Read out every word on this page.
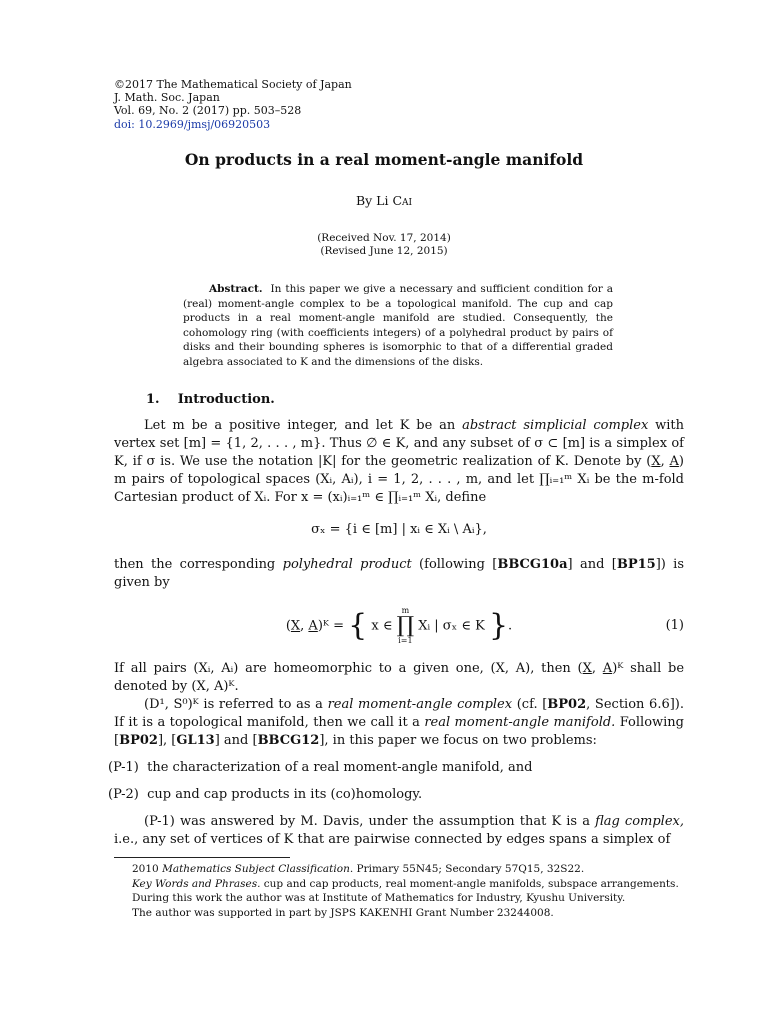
©2017 The Mathematical Society of Japan
J. Math. Soc. Japan
Vol. 69, No. 2 (2017) pp. 503–528
doi: 10.2969/jmsj/06920503
On products in a real moment-angle manifold
By Li Cai
(Received Nov. 17, 2014)
(Revised June 12, 2015)
Abstract. In this paper we give a necessary and sufficient condition for a (real) moment-angle complex to be a topological manifold. The cup and cap products in a real moment-angle manifold are studied. Consequently, the cohomology ring (with coefficients integers) of a polyhedral product by pairs of disks and their bounding spheres is isomorphic to that of a differential graded algebra associated to K and the dimensions of the disks.
1. Introduction.
Let m be a positive integer, and let K be an abstract simplicial complex with vertex set [m] = {1, 2, . . . , m}. Thus ∅ ∈ K, and any subset of σ ⊂ [m] is a simplex of K, if σ is. We use the notation |K| for the geometric realization of K. Denote by (X, A) m pairs of topological spaces (Xᵢ, Aᵢ), i = 1, 2, . . . , m, and let ∏ᵢ₌₁ᵐ Xᵢ be the m-fold Cartesian product of Xᵢ. For x = (xᵢ)ᵢ₌₁ᵐ ∈ ∏ᵢ₌₁ᵐ Xᵢ, define
σₓ = {i ∈ [m] | xᵢ ∈ Xᵢ \ Aᵢ},
then the corresponding polyhedral product (following [BBCG10a] and [BP15]) is given by
(X, A)ᴷ = { x ∈
m
∏
i=1
Xᵢ | σₓ ∈ K }.	(1)
If all pairs (Xᵢ, Aᵢ) are homeomorphic to a given one, (X, A), then (X, A)ᴷ shall be denoted by (X, A)ᴷ.
(D¹, S⁰)ᴷ is referred to as a real moment-angle complex (cf. [BP02, Section 6.6]). If it is a topological manifold, then we call it a real moment-angle manifold. Following [BP02], [GL13] and [BBCG12], in this paper we focus on two problems:
(P-1) the characterization of a real moment-angle manifold, and
(P-2) cup and cap products in its (co)homology.
(P-1) was answered by M. Davis, under the assumption that K is a flag complex, i.e., any set of vertices of K that are pairwise connected by edges spans a simplex of

2010 Mathematics Subject Classification. Primary 55N45; Secondary 57Q15, 32S22.

Key Words and Phrases. cup and cap products, real moment-angle manifolds, subspace arrangements.

During this work the author was at Institute of Mathematics for Industry, Kyushu University.

The author was supported in part by JSPS KAKENHI Grant Number 23244008.
